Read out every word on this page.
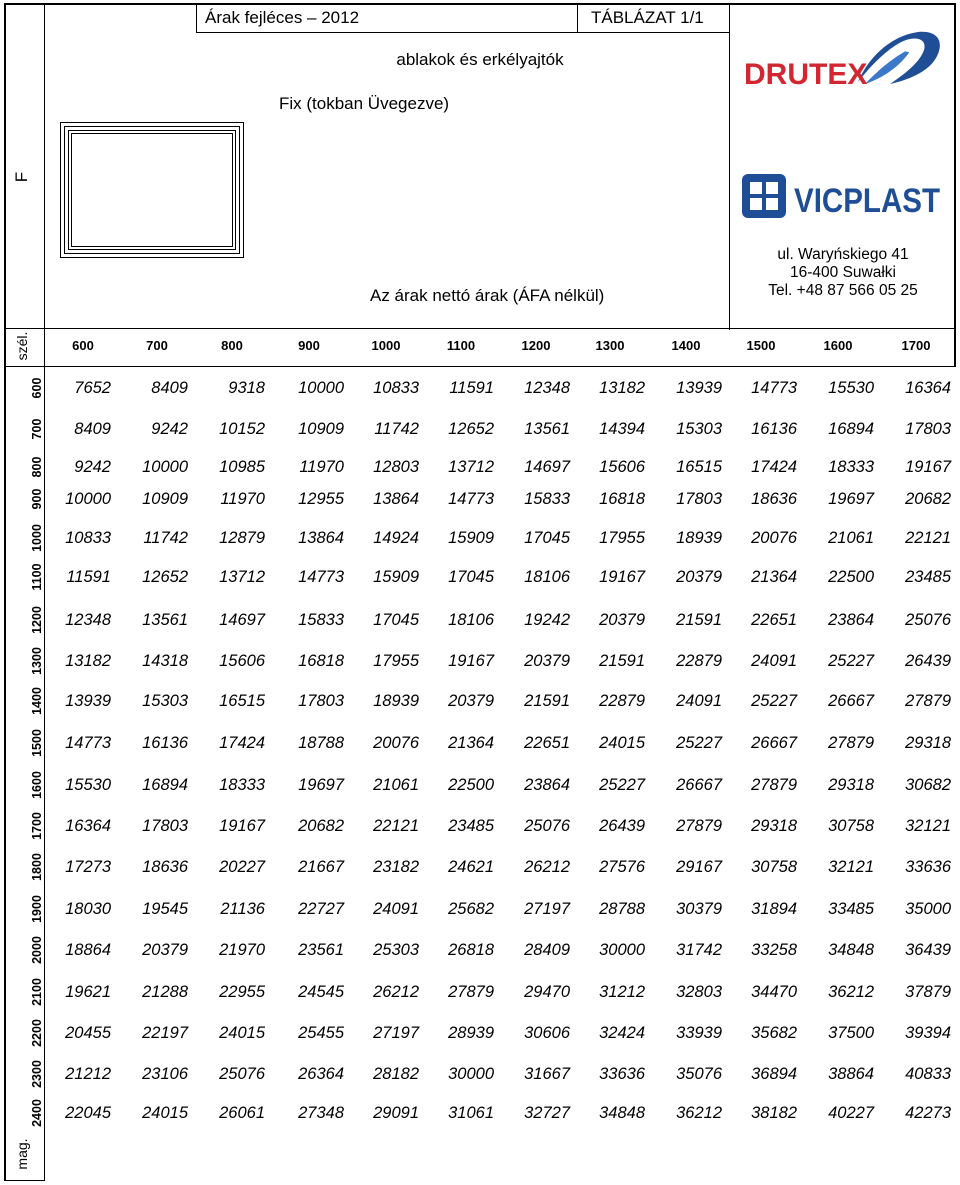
Árak fejléces – 2012	TÁBLÁZAT 1/1
ablakok és erkélyajtók
Fix (tokban Üvegezve)
Az árak nettó árak (ÁFA nélkül)
F
DRUTEX
VICPLAST
ul. Waryńskiego 41
16-400 Suwałki
Tel. +48 87 566 05 25
szél.
mag.
600	700	800	900	1000	1100	1200	1300	1400	1500	1600	1700
600
700
800
900
1000
1100
1200
1300
1400
1500
1600
1700
1800
1900
2000
2100
2200
2300
2400
7652	8409	9318	10000	10833	11591	12348	13182	13939	14773	15530	16364
8409	9242	10152	10909	11742	12652	13561	14394	15303	16136	16894	17803
9242	10000	10985	11970	12803	13712	14697	15606	16515	17424	18333	19167
10000	10909	11970	12955	13864	14773	15833	16818	17803	18636	19697	20682
10833	11742	12879	13864	14924	15909	17045	17955	18939	20076	21061	22121
11591	12652	13712	14773	15909	17045	18106	19167	20379	21364	22500	23485
12348	13561	14697	15833	17045	18106	19242	20379	21591	22651	23864	25076
13182	14318	15606	16818	17955	19167	20379	21591	22879	24091	25227	26439
13939	15303	16515	17803	18939	20379	21591	22879	24091	25227	26667	27879
14773	16136	17424	18788	20076	21364	22651	24015	25227	26667	27879	29318
15530	16894	18333	19697	21061	22500	23864	25227	26667	27879	29318	30682
16364	17803	19167	20682	22121	23485	25076	26439	27879	29318	30758	32121
17273	18636	20227	21667	23182	24621	26212	27576	29167	30758	32121	33636
18030	19545	21136	22727	24091	25682	27197	28788	30379	31894	33485	35000
18864	20379	21970	23561	25303	26818	28409	30000	31742	33258	34848	36439
19621	21288	22955	24545	26212	27879	29470	31212	32803	34470	36212	37879
20455	22197	24015	25455	27197	28939	30606	32424	33939	35682	37500	39394
21212	23106	25076	26364	28182	30000	31667	33636	35076	36894	38864	40833
22045	24015	26061	27348	29091	31061	32727	34848	36212	38182	40227	42273
